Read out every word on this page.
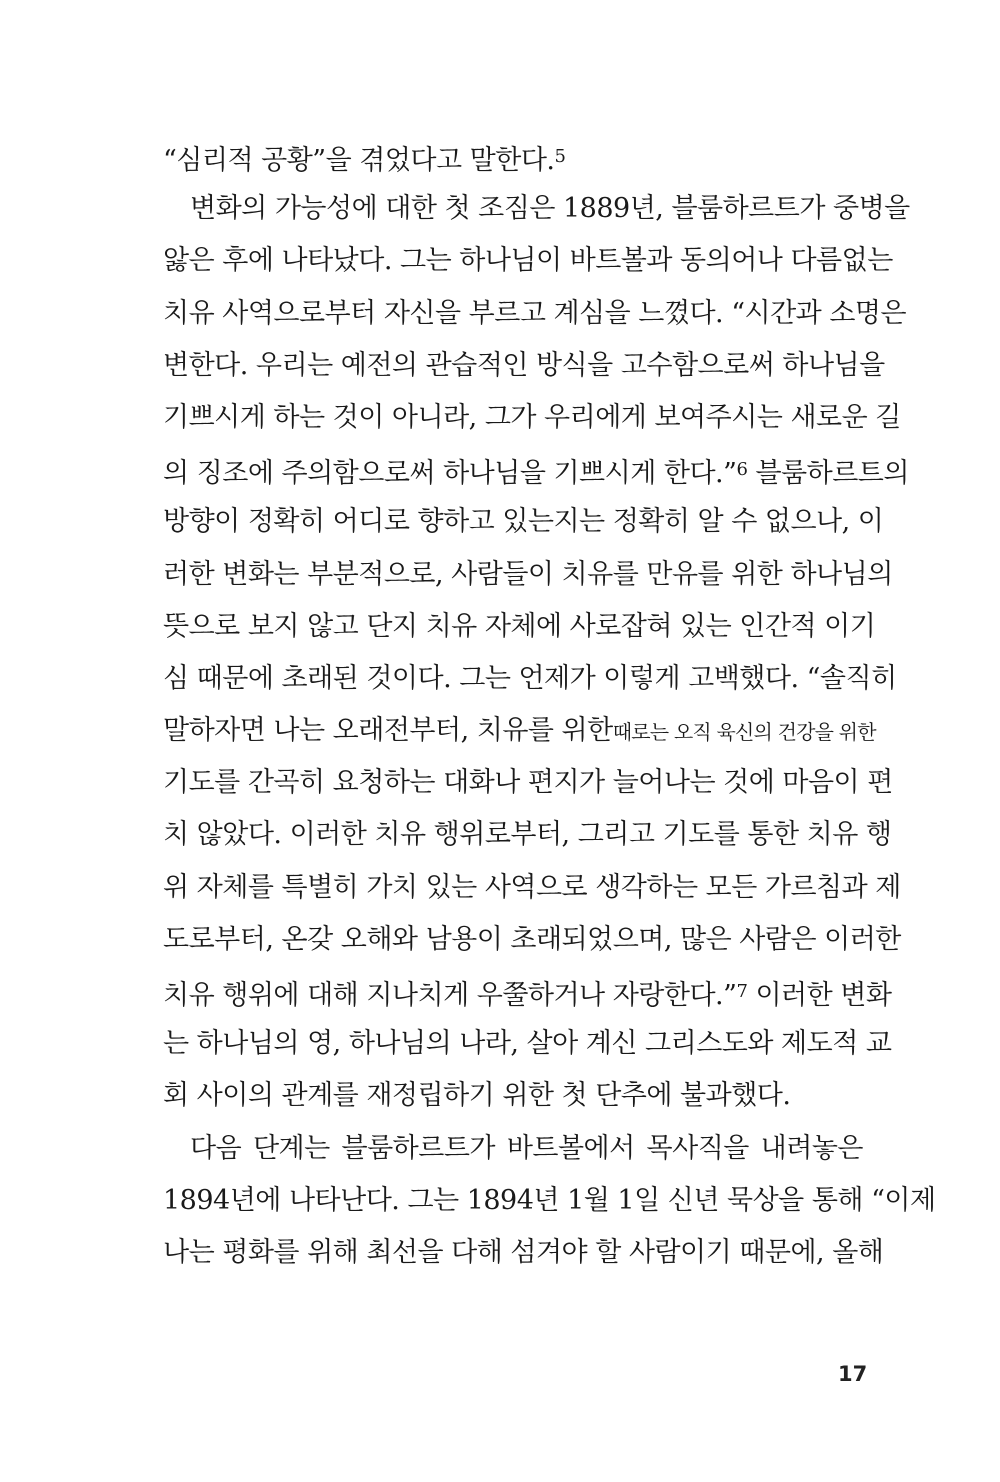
“심리적 공황”을 겪었다고 말한다.$^5$
변화의 가능성에 대한 첫 조짐은 1889년, 블룸하르트가 중병을
앓은 후에 나타났다. 그는 하나님이 바트볼과 동의어나 다름없는
치유 사역으로부터 자신을 부르고 계심을 느꼈다. “시간과 소명은
변한다. 우리는 예전의 관습적인 방식을 고수함으로써 하나님을
기쁘시게 하는 것이 아니라, 그가 우리에게 보여주시는 새로운 길
의 징조에 주의함으로써 하나님을 기쁘시게 한다.”$^6$ 블룸하르트의
방향이 정확히 어디로 향하고 있는지는 정확히 알 수 없으나, 이
러한 변화는 부분적으로, 사람들이 치유를 만유를 위한 하나님의
뜻으로 보지 않고 단지 치유 자체에 사로잡혀 있는 인간적 이기
심 때문에 초래된 것이다. 그는 언제가 이렇게 고백했다. “솔직히
말하자면 나는 오래전부터, 치유를 위한때로는 오직 육신의 건강을 위한
기도를 간곡히 요청하는 대화나 편지가 늘어나는 것에 마음이 편
치 않았다. 이러한 치유 행위로부터, 그리고 기도를 통한 치유 행
위 자체를 특별히 가치 있는 사역으로 생각하는 모든 가르침과 제
도로부터, 온갖 오해와 남용이 초래되었으며, 많은 사람은 이러한
치유 행위에 대해 지나치게 우쭐하거나 자랑한다.”$^7$ 이러한 변화
는 하나님의 영, 하나님의 나라, 살아 계신 그리스도와 제도적 교
회 사이의 관계를 재정립하기 위한 첫 단추에 불과했다.
다음 단계는 블룸하르트가 바트볼에서 목사직을 내려놓은
1894년에 나타난다. 그는 1894년 1월 1일 신년 묵상을 통해 “이제
나는 평화를 위해 최선을 다해 섬겨야 할 사람이기 때문에, 올해
17
